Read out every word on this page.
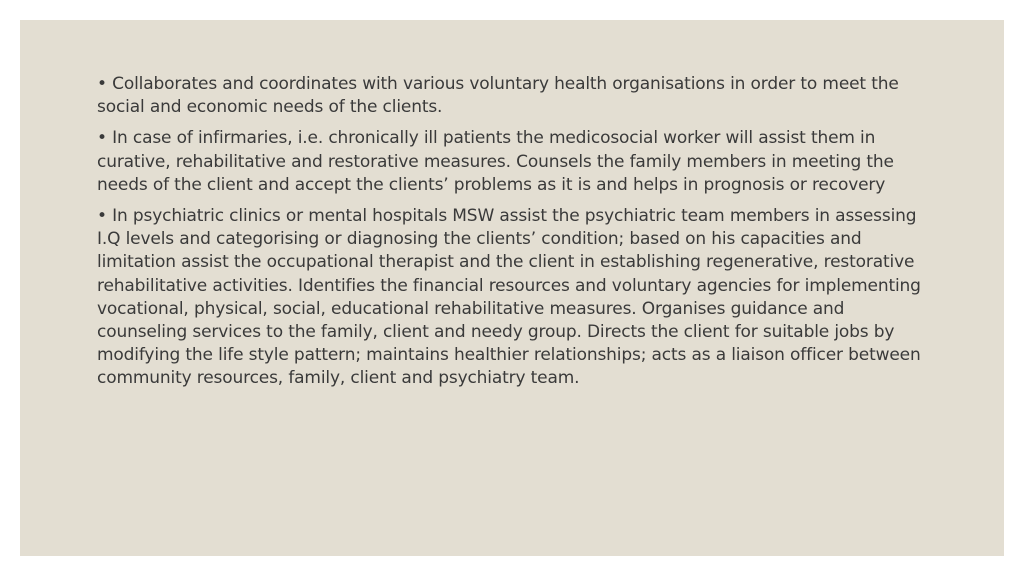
• Collaborates and coordinates with various voluntary health organisations in order to meet the social and economic needs of the clients.

• In case of infirmaries, i.e. chronically ill patients the medicosocial worker will assist them in curative, rehabilitative and restorative measures. Counsels the family members in meeting the needs of the client and accept the clients’ problems as it is and helps in prognosis or recovery

• In psychiatric clinics or mental hospitals MSW assist the psychiatric team members in assessing I.Q levels and categorising or diagnosing the clients’ condition; based on his capacities and limitation assist the occupational therapist and the client in establishing regenerative, restorative rehabilitative activities. Identifies the financial resources and voluntary agencies for implementing vocational, physical, social, educational rehabilitative measures. Organises guidance and counseling services to the family, client and needy group. Directs the client for suitable jobs by modifying the life style pattern; maintains healthier relationships; acts as a liaison officer between community resources, family, client and psychiatry team.
